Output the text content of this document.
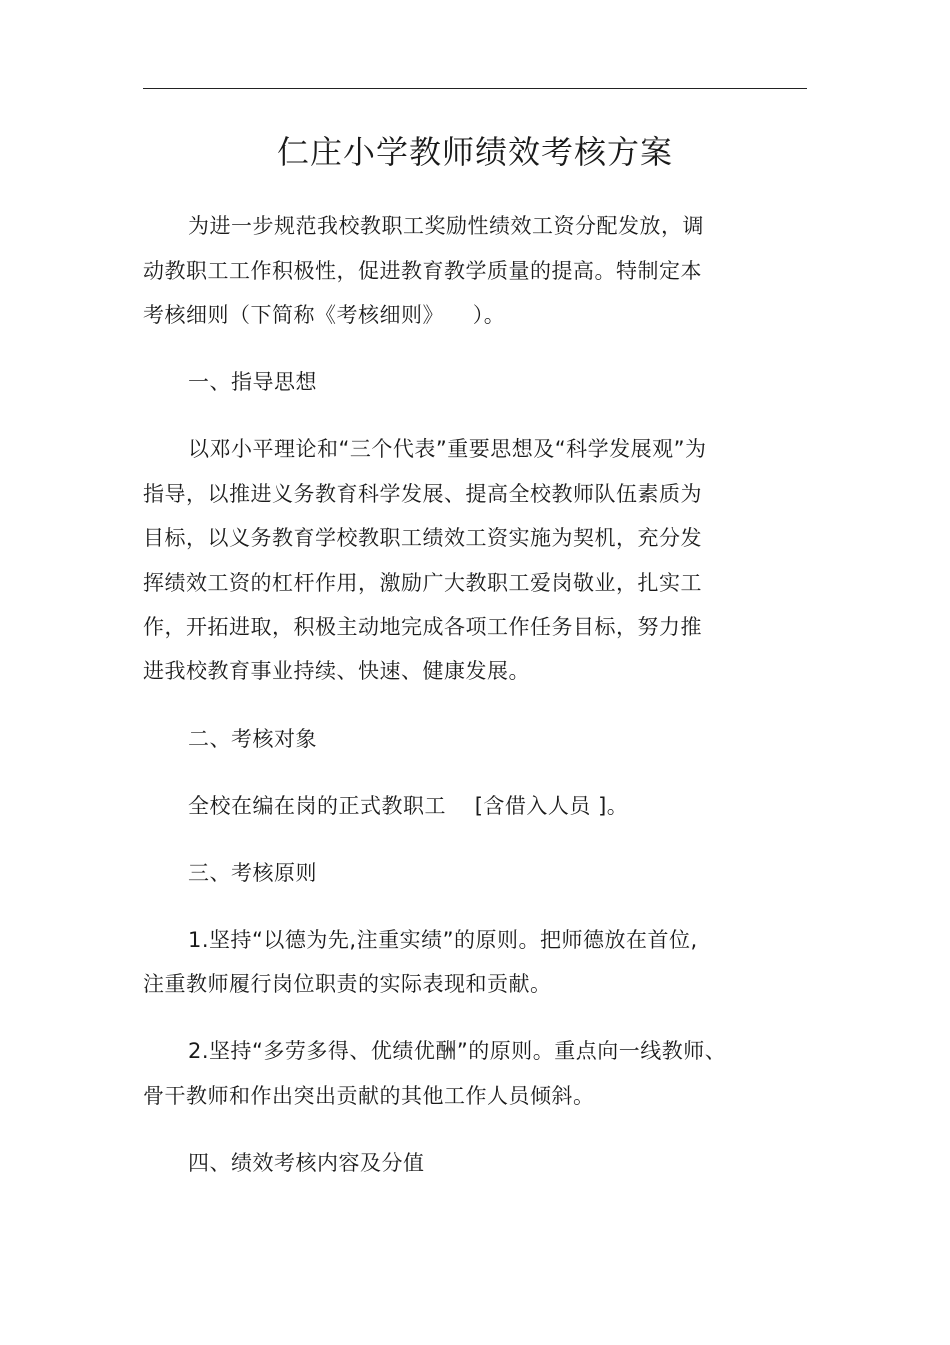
仁庄小学教师绩效考核方案
为进一步规范我校教职工奖励性绩效工资分配发放，调
动教职工工作积极性，促进教育教学质量的提高。特制定本
考核细则（下简称《考核细则》    ）。
一、指导思想
以邓小平理论和“三个代表”重要思想及“科学发展观”为
指导，以推进义务教育科学发展、提高全校教师队伍素质为
目标，以义务教育学校教职工绩效工资实施为契机，充分发
挥绩效工资的杠杆作用，激励广大教职工爱岗敬业，扎实工
作，开拓进取，积极主动地完成各项工作任务目标，努力推
进我校教育事业持续、快速、健康发展。
二、考核对象
全校在编在岗的正式教职工    [含借入人员 ]。
三、考核原则
1.坚持“以德为先,注重实绩”的原则。把师德放在首位,
注重教师履行岗位职责的实际表现和贡献。
2.坚持“多劳多得、优绩优酬”的原则。重点向一线教师、
骨干教师和作出突出贡献的其他工作人员倾斜。
四、绩效考核内容及分值
